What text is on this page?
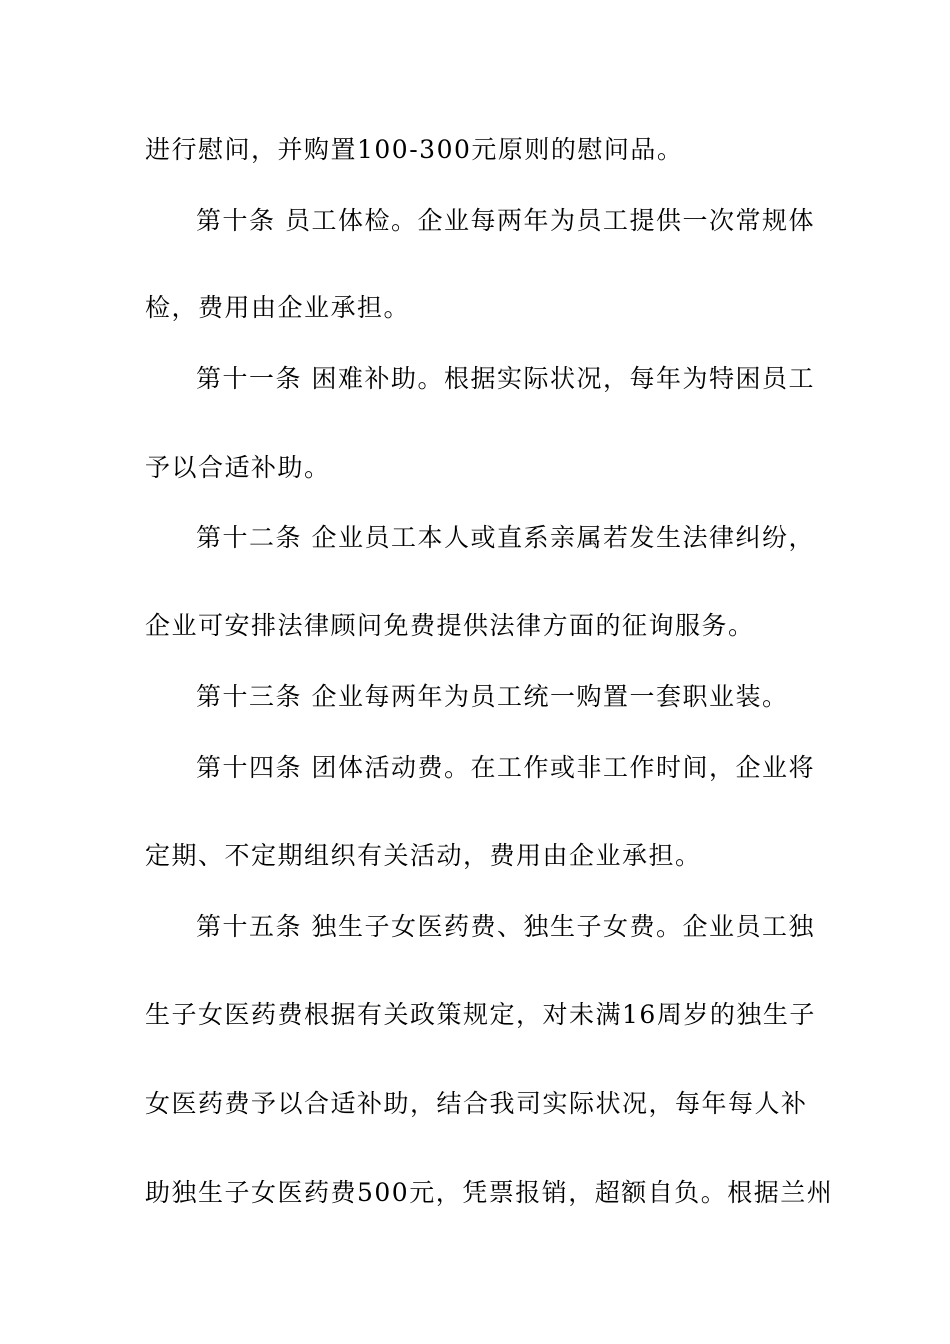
进行慰问，并购置100-300元原则的慰问品。
第十条 员工体检。企业每两年为员工提供一次常规体
检，费用由企业承担。
第十一条 困难补助。根据实际状况，每年为特困员工
予以合适补助。
第十二条 企业员工本人或直系亲属若发生法律纠纷，
企业可安排法律顾问免费提供法律方面的征询服务。
第十三条 企业每两年为员工统一购置一套职业装。
第十四条 团体活动费。在工作或非工作时间，企业将
定期、不定期组织有关活动，费用由企业承担。
第十五条 独生子女医药费、独生子女费。企业员工独
生子女医药费根据有关政策规定，对未满16周岁的独生子
女医药费予以合适补助，结合我司实际状况，每年每人补
助独生子女医药费500元，凭票报销，超额自负。根据兰州
